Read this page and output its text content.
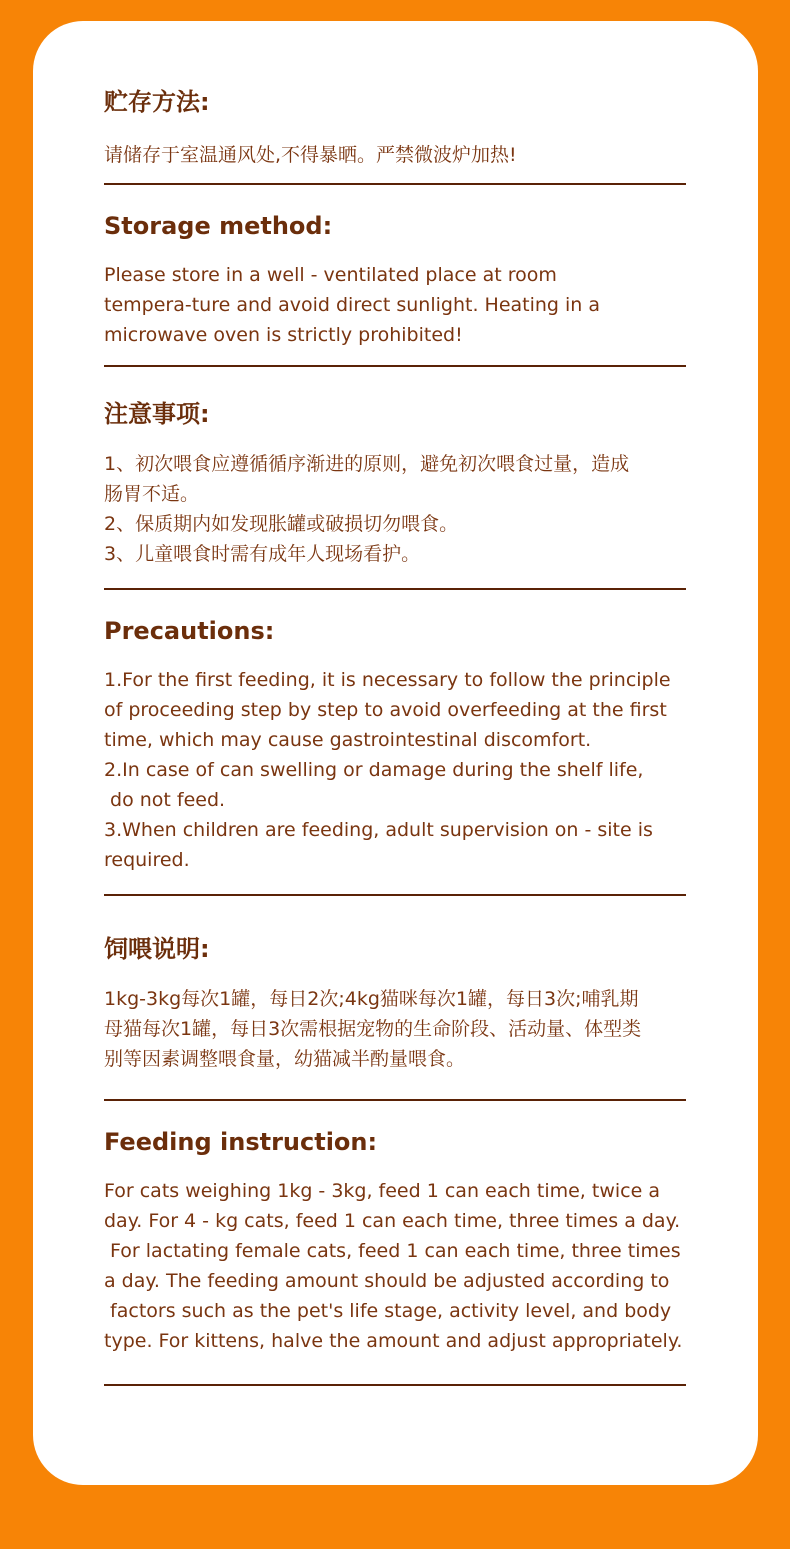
贮存方法:

请储存于室温通风处,不得暴晒。严禁微波炉加热!

Storage method:

Please store in a well - ventilated place at room
tempera-ture and avoid direct sunlight. Heating in a
microwave oven is strictly prohibited!

注意事项:

1、初次喂食应遵循循序渐进的原则，避免初次喂食过量，造成
肠胃不适。
2、保质期内如发现胀罐或破损切勿喂食。
3、儿童喂食时需有成年人现场看护。

Precautions:

1.For the first feeding, it is necessary to follow the principle
of proceeding step by step to avoid overfeeding at the first
time, which may cause gastrointestinal discomfort.
2.In case of can swelling or damage during the shelf life,
do not feed.
3.When children are feeding, adult supervision on - site is
required.

饲喂说明:

1kg-3kg每次1罐，每日2次;4kg猫咪每次1罐，每日3次;哺乳期
母猫每次1罐，每日3次需根据宠物的生命阶段、活动量、体型类
别等因素调整喂食量，幼猫减半酌量喂食。

Feeding instruction:

For cats weighing 1kg - 3kg, feed 1 can each time, twice a
day. For 4 - kg cats, feed 1 can each time, three times a day.
For lactating female cats, feed 1 can each time, three times
a day. The feeding amount should be adjusted according to
factors such as the pet's life stage, activity level, and body
type. For kittens, halve the amount and adjust appropriately.
